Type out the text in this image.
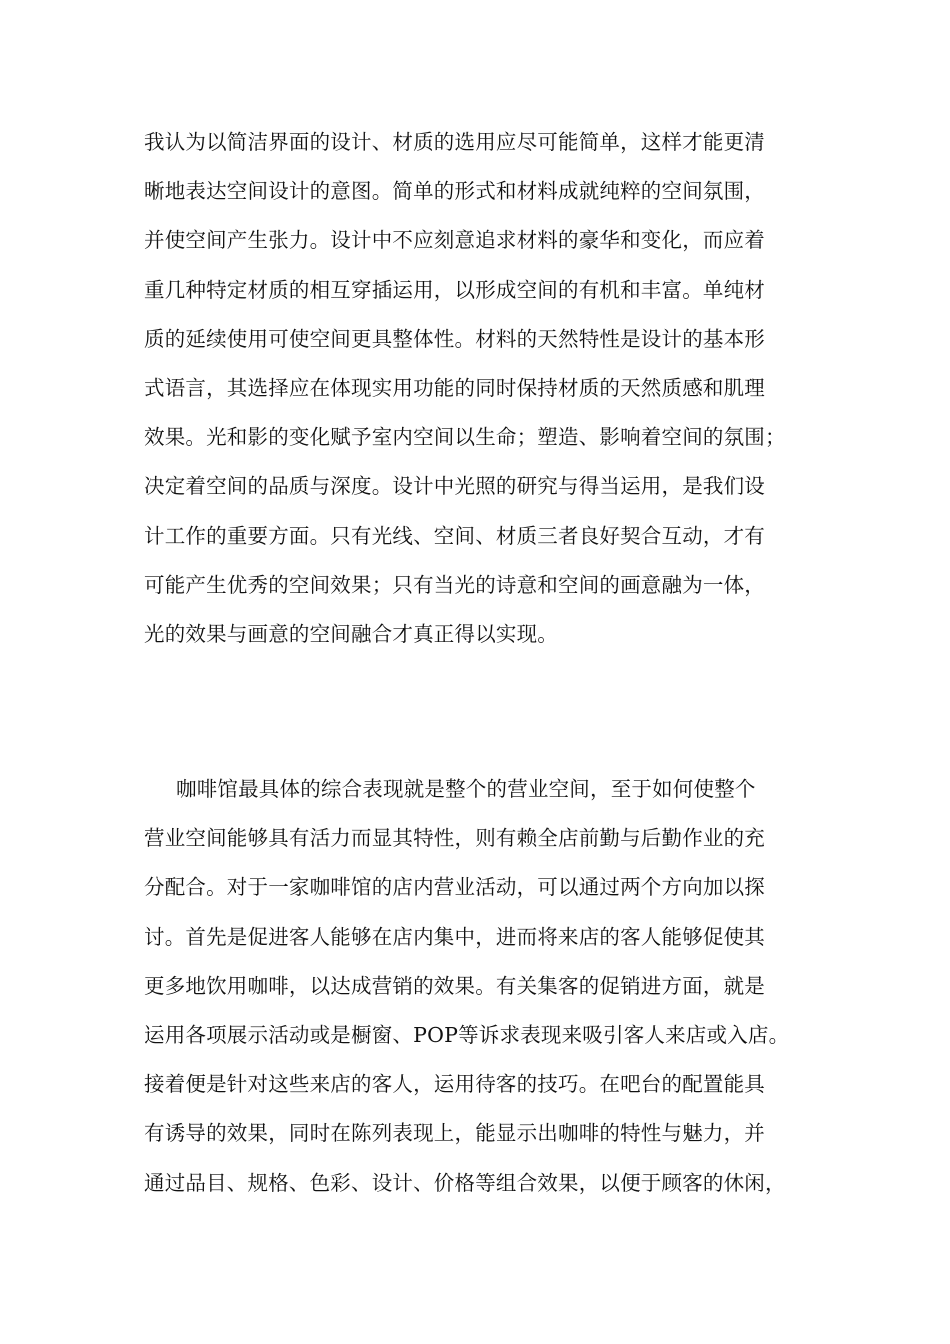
我认为以简洁界面的设计、材质的选用应尽可能简单，这样才能更清
晰地表达空间设计的意图。简单的形式和材料成就纯粹的空间氛围，
并使空间产生张力。设计中不应刻意追求材料的豪华和变化，而应着
重几种特定材质的相互穿插运用，以形成空间的有机和丰富。单纯材
质的延续使用可使空间更具整体性。材料的天然特性是设计的基本形
式语言，其选择应在体现实用功能的同时保持材质的天然质感和肌理
效果。光和影的变化赋予室内空间以生命；塑造、影响着空间的氛围；
决定着空间的品质与深度。设计中光照的研究与得当运用，是我们设
计工作的重要方面。只有光线、空间、材质三者良好契合互动，才有
可能产生优秀的空间效果；只有当光的诗意和空间的画意融为一体，
光的效果与画意的空间融合才真正得以实现。
咖啡馆最具体的综合表现就是整个的营业空间，至于如何使整个
营业空间能够具有活力而显其特性，则有赖全店前勤与后勤作业的充
分配合。对于一家咖啡馆的店内营业活动，可以通过两个方向加以探
讨。首先是促进客人能够在店内集中，进而将来店的客人能够促使其
更多地饮用咖啡，以达成营销的效果。有关集客的促销进方面，就是
运用各项展示活动或是橱窗、POP等诉求表现来吸引客人来店或入店。
接着便是针对这些来店的客人，运用待客的技巧。在吧台的配置能具
有诱导的效果，同时在陈列表现上，能显示出咖啡的特性与魅力，并
通过品目、规格、色彩、设计、价格等组合效果，以便于顾客的休闲，
